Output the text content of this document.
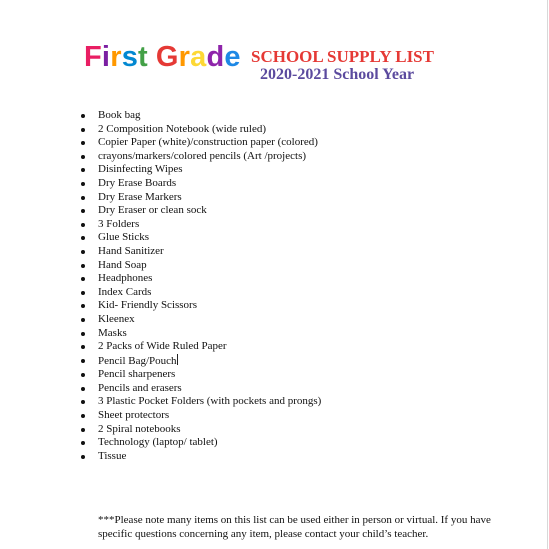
First Grade SCHOOL SUPPLY LIST
2020-2021 School Year
Book bag
2 Composition Notebook (wide ruled)
Copier Paper (white)/construction paper (colored)
crayons/markers/colored pencils (Art /projects)
Disinfecting Wipes
Dry Erase Boards
Dry Erase Markers
Dry Eraser or clean sock
3 Folders
Glue Sticks
Hand Sanitizer
Hand Soap
Headphones
Index Cards
Kid- Friendly Scissors
Kleenex
Masks
2 Packs of Wide Ruled Paper
Pencil Bag/Pouch
Pencil sharpeners
Pencils and erasers
3 Plastic Pocket Folders (with pockets and prongs)
Sheet protectors
2 Spiral notebooks
Technology (laptop/ tablet)
Tissue
***Please note many items on this list can be used either in person or virtual. If you have specific questions concerning any item, please contact your child’s teacher.
